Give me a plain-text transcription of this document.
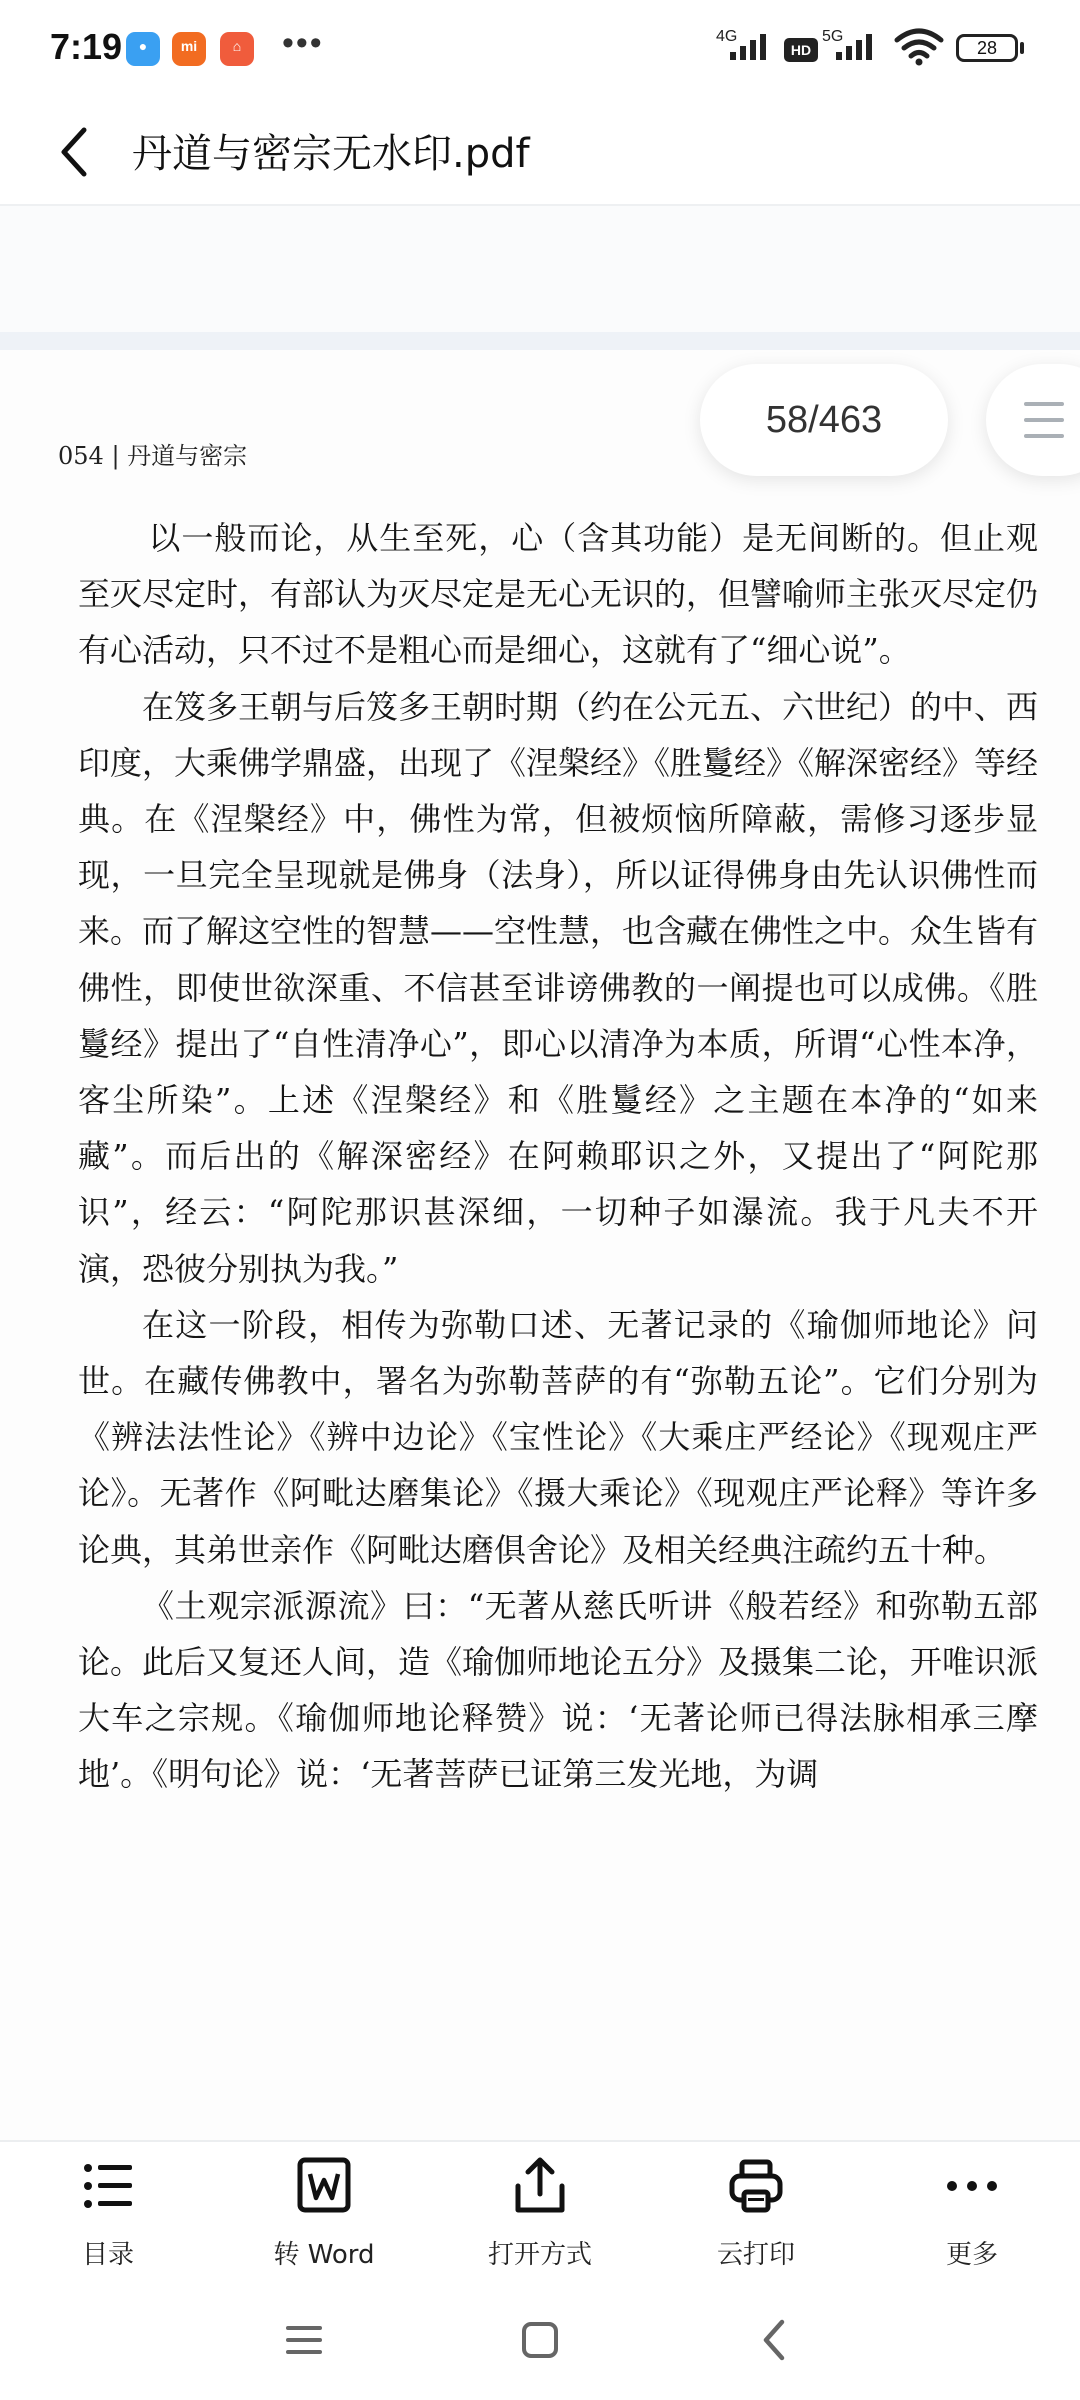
7:19	●	mi	⌂	•••	4G
HD
5G
28
丹道与密宗无水印.pdf
054 | 丹道与密宗
58/463

以一般而论，从生至死，心（含其功能）是无间断的。但止观至灭尽定时，有部认为灭尽定是无心无识的，但譬喻师主张灭尽定仍有心活动，只不过不是粗心而是细心，这就有了“细心说”。

在笈多王朝与后笈多王朝时期（约在公元五、六世纪）的中、西印度，大乘佛学鼎盛，出现了《涅槃经》《胜鬘经》《解深密经》等经典。在《涅槃经》中，佛性为常，但被烦恼所障蔽，需修习逐步显现，一旦完全呈现就是佛身（法身），所以证得佛身由先认识佛性而来。而了解这空性的智慧——空性慧，也含藏在佛性之中。众生皆有佛性，即使世欲深重、不信甚至诽谤佛教的一阐提也可以成佛。《胜鬘经》提出了“自性清净心”，即心以清净为本质，所谓“心性本净，客尘所染”。上述《涅槃经》和《胜鬘经》之主题在本净的“如来藏”。而后出的《解深密经》在阿赖耶识之外，又提出了“阿陀那识”，经云：“阿陀那识甚深细，一切种子如瀑流。我于凡夫不开演，恐彼分别执为我。”

在这一阶段，相传为弥勒口述、无著记录的《瑜伽师地论》问世。在藏传佛教中，署名为弥勒菩萨的有“弥勒五论”。它们分别为《辨法法性论》《辨中边论》《宝性论》《大乘庄严经论》《现观庄严论》。无著作《阿毗达磨集论》《摄大乘论》《现观庄严论释》等许多论典，其弟世亲作《阿毗达磨俱舍论》及相关经典注疏约五十种。

《土观宗派源流》曰：“无著从慈氏听讲《般若经》和弥勒五部论。此后又复还人间，造《瑜伽师地论五分》及摄集二论，开唯识派大车之宗规。《瑜伽师地论释赞》说：‘无著论师已得法脉相承三摩地’。《明句论》说：‘无著菩萨已证第三发光地，为调

目录	转 Word	打开方式	云打印	更多
